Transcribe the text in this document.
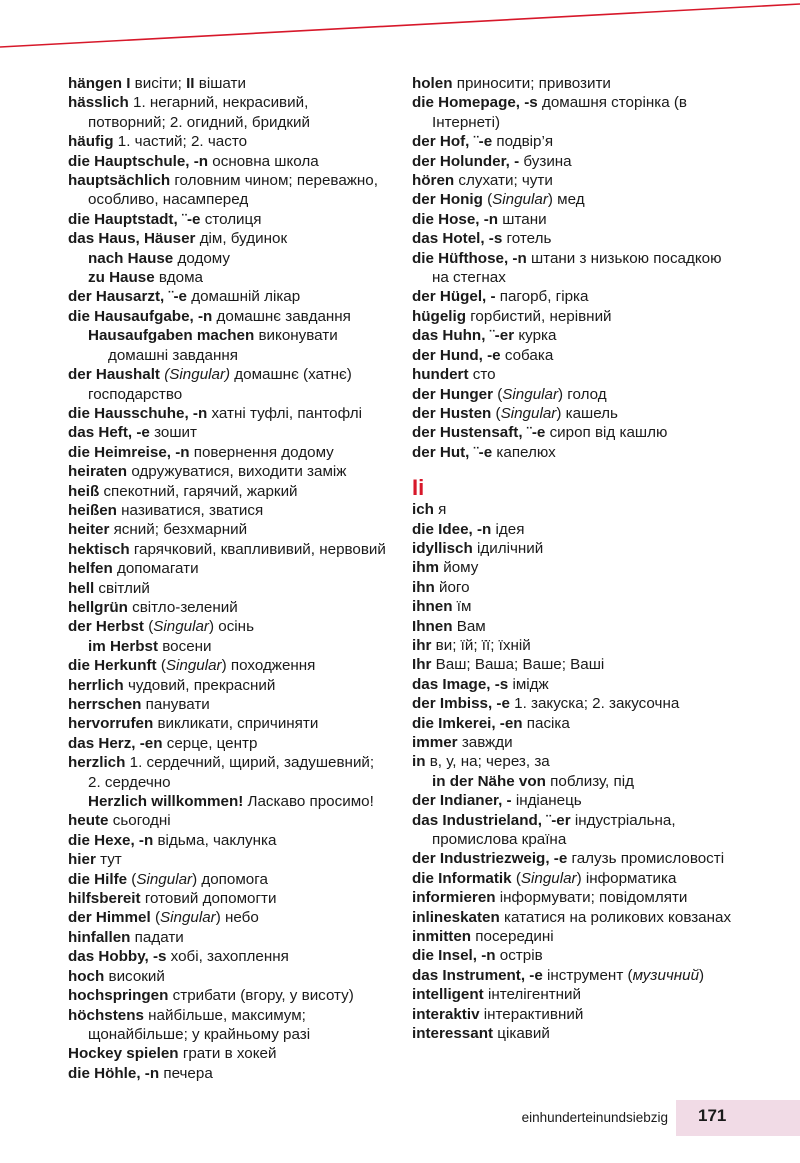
hängen I висіти; II вішати
hässlich 1. негарний, некрасивий, потворний; 2. огидний, бридкий
häufig 1. частий; 2. часто
die Hauptschule, -n основна школа
hauptsächlich головним чином; переважно, особливо, насамперед
die Hauptstadt, ¨-e столиця
das Haus, Häuser дім, будинок
nach Hause додому
zu Hause вдома
der Hausarzt, ¨-e домашній лікар
die Hausaufgabe, -n домашнє завдання
Hausaufgaben machen виконувати домашні завдання
der Haushalt (Singular) домашнє (хатнє) господарство
die Hausschuhe, -n хатні туфлі, пантофлі
das Heft, -e зошит
die Heimreise, -n повернення додому
heiraten одружуватися, виходити заміж
heiß спекотний, гарячий, жаркий
heißen називатися, зватися
heiter ясний; безхмарний
hektisch гарячковий, кваплививий, нервовий
helfen допомагати
hell світлий
hellgrün світло-зелений
der Herbst (Singular) осінь
im Herbst восени
die Herkunft (Singular) походження
herrlich чудовий, прекрасний
herrschen панувати
hervorrufen викликати, спричиняти
das Herz, -en серце, центр
herzlich 1. сердечний, щирий, задушевний; 2. сердечно
Herzlich willkommen! Ласкаво просимо!
heute сьогодні
die Hexe, -n відьма, чаклунка
hier тут
die Hilfe (Singular) допомога
hilfsbereit готовий допомогти
der Himmel (Singular) небо
hinfallen падати
das Hobby, -s хобі, захоплення
hoch високий
hochspringen стрибати (вгору, у висоту)
höchstens найбільше, максимум; щонайбільше; у крайньому разі
Hockey spielen грати в хокей
die Höhle, -n печера
holen приносити; привозити
die Homepage, -s домашня сторінка (в Інтернеті)
der Hof, ¨-e подвір’я
der Holunder, - бузина
hören слухати; чути
der Honig (Singular) мед
die Hose, -n штани
das Hotel, -s готель
die Hüfthose, -n штани з низькою посадкою на стегнах
der Hügel, - пагорб, гірка
hügelig горбистий, нерівний
das Huhn, ¨-er курка
der Hund, -e собака
hundert сто
der Hunger (Singular) голод
der Husten (Singular) кашель
der Hustensaft, ¨-e сироп від кашлю
der Hut, ¨-e капелюх
Ii
ich я
die Idee, -n ідея
idyllisch ідилічний
ihm йому
ihn його
ihnen їм
Ihnen Вам
ihr ви; їй; її; їхній
Ihr Ваш; Ваша; Ваше; Ваші
das Image, -s імідж
der Imbiss, -e 1. закуска; 2. закусочна
die Imkerei, -en пасіка
immer завжди
in в, у, на; через, за
in der Nähe von поблизу, під
der Indianer, - індіанець
das Industrieland, ¨-er індустріальна, промислова країна
der Industriezweig, -e галузь промисловості
die Informatik (Singular) інформатика
informieren інформувати; повідомляти
inlineskaten кататися на роликових ковзанах
inmitten посередині
die Insel, -n острів
das Instrument, -e інструмент (музичний)
intelligent інтелігентний
interaktiv інтерактивний
interessant цікавий
einhunderteinundsiebzig 171
